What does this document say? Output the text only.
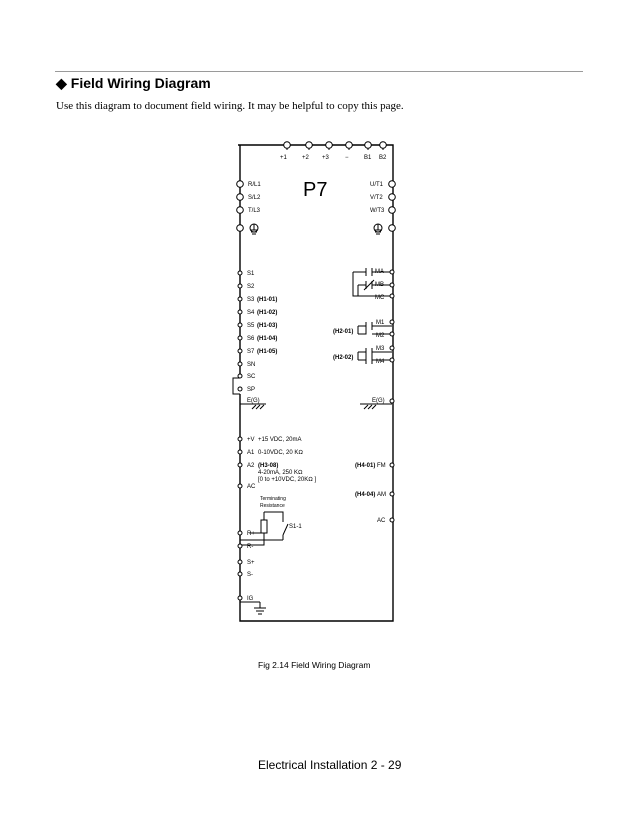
◆ Field Wiring Diagram
Use this diagram to document field wiring. It may be helpful to copy this page.
+1	+2 +3	−	B1 B2
P7
R/L1
S/L2
T/L3
U/T1
V/T2
W/T3
S1
S2
S3 (H1-01)
S4 (H1-02)
S5 (H1-03)
S6 (H1-04)
S7 (H1-05)
SN
SC
SP
E(G)
MA
MB
MC
M1
M2
M3
M4
(H2-01)
(H2-02)
E(G)
+V +15 VDC, 20mA
A1 0-10VDC, 20 KΩ
A2 (H3-08)
4-20mA, 250 KΩ
[0 to +10VDC, 20KΩ ]
AC
(H4-01) FM
(H4-04) AM
AC
Terminating
Resistance
S1-1
R+
R-
S+
S-
IG
Fig 2.14 Field Wiring Diagram
Electrical Installation 2 - 29
